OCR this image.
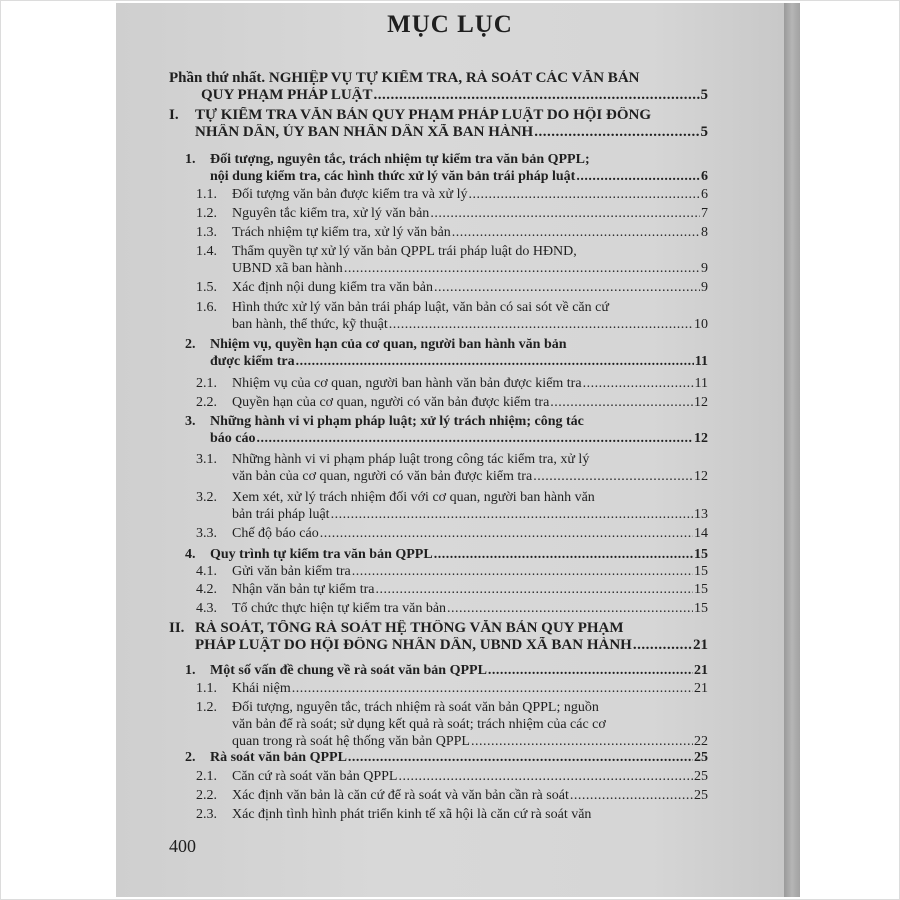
MỤC LỤC
Phần thứ nhất. NGHIỆP VỤ TỰ KIỂM TRA, RÀ SOÁT CÁC VĂN BẢN
QUY PHẠM PHÁP LUẬT .....	5
I. TỰ KIỂM TRA VĂN BẢN QUY PHẠM PHÁP LUẬT DO HỘI ĐỒNG
NHÂN DÂN, ỦY BAN NHÂN DÂN XÃ BAN HÀNH .....	5
1. Đối tượng, nguyên tắc, trách nhiệm tự kiểm tra văn bản QPPL;
nội dung kiểm tra, các hình thức xử lý văn bản trái pháp luật .....	6
1.1. Đối tượng văn bản được kiểm tra và xử lý .....	6
1.2. Nguyên tắc kiểm tra, xử lý văn bản .....	7
1.3. Trách nhiệm tự kiểm tra, xử lý văn bản .....	8
1.4. Thẩm quyền tự xử lý văn bản QPPL trái pháp luật do HĐND,
UBND xã ban hành .....	9
1.5. Xác định nội dung kiểm tra văn bản .....	9
1.6. Hình thức xử lý văn bản trái pháp luật, văn bản có sai sót về căn cứ
ban hành, thể thức, kỹ thuật .....	10
2. Nhiệm vụ, quyền hạn của cơ quan, người ban hành văn bản
được kiểm tra .....	11
2.1. Nhiệm vụ của cơ quan, người ban hành văn bản được kiểm tra .....	11
2.2. Quyền hạn của cơ quan, người có văn bản được kiểm tra .....	12
3. Những hành vi vi phạm pháp luật; xử lý trách nhiệm; công tác
báo cáo .....	12
3.1. Những hành vi vi phạm pháp luật trong công tác kiểm tra, xử lý
văn bản của cơ quan, người có văn bản được kiểm tra .....	12
3.2. Xem xét, xử lý trách nhiệm đối với cơ quan, người ban hành văn
bản trái pháp luật .....	13
3.3. Chế độ báo cáo .....	14
4. Quy trình tự kiểm tra văn bản QPPL .....	15
4.1. Gửi văn bản kiểm tra .....	15
4.2. Nhận văn bản tự kiểm tra .....	15
4.3. Tổ chức thực hiện tự kiểm tra văn bản .....	15
II. RÀ SOÁT, TỔNG RÀ SOÁT HỆ THỐNG VĂN BẢN QUY PHẠM
PHÁP LUẬT DO HỘI ĐỒNG NHÂN DÂN, UBND XÃ BAN HÀNH .....	21
1. Một số vấn đề chung về rà soát văn bản QPPL .....	21
1.1. Khái niệm .....	21
1.2. Đối tượng, nguyên tắc, trách nhiệm rà soát văn bản QPPL; nguồn
văn bản để rà soát; sử dụng kết quả rà soát; trách nhiệm của các cơ
quan trong rà soát hệ thống văn bản QPPL .....	22
2. Rà soát văn bản QPPL .....	25
2.1. Căn cứ rà soát văn bản QPPL .....	25
2.2. Xác định văn bản là căn cứ để rà soát và văn bản cần rà soát .....	25
2.3. Xác định tình hình phát triển kinh tế xã hội là căn cứ rà soát văn
400
